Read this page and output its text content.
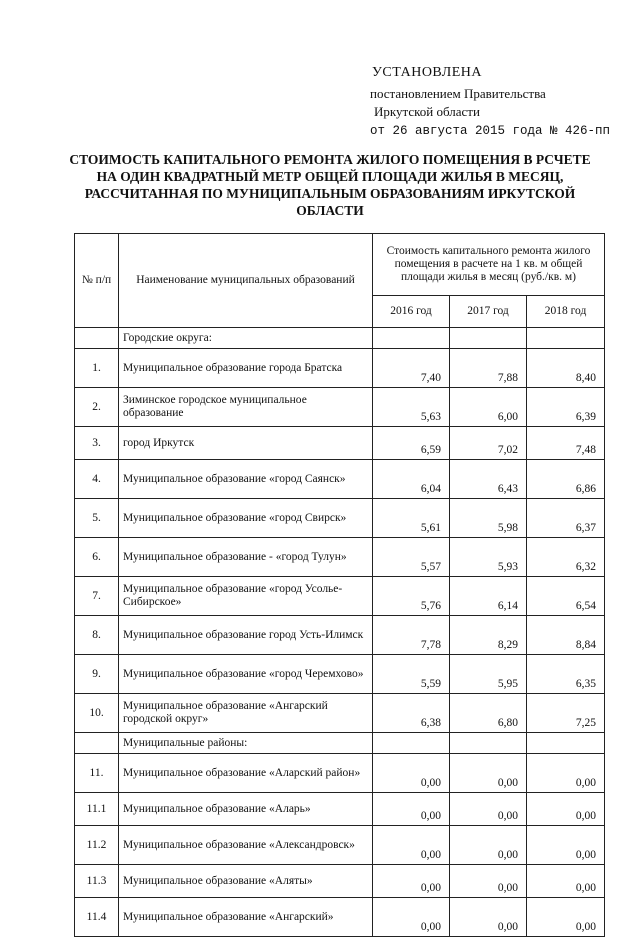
УСТАНОВЛЕНА
постановлением Правительства
Иркутской области
от 26 августа 2015 года № 426-пп
СТОИМОСТЬ КАПИТАЛЬНОГО РЕМОНТА ЖИЛОГО ПОМЕЩЕНИЯ В РСЧЕТЕ НА ОДИН КВАДРАТНЫЙ МЕТР ОБЩЕЙ ПЛОЩАДИ ЖИЛЬЯ В МЕСЯЦ, РАССЧИТАННАЯ ПО МУНИЦИПАЛЬНЫМ ОБРАЗОВАНИЯМ ИРКУТСКОЙ ОБЛАСТИ
№ п/п	Наименование муниципальных образований	Стоимость капитального ремонта жилого помещения в расчете на 1 кв. м общей площади жилья в месяц (руб./кв. м)		
		2016 год	2017 год	2018 год
	Городские округа:			
1.	Муниципальное образование города Братска	7,40	7,88	8,40
2.	Зиминское городское муниципальное образование	5,63	6,00	6,39
3.	город Иркутск	6,59	7,02	7,48
4.	Муниципальное образование «город Саянск»	6,04	6,43	6,86
5.	Муниципальное образование «город Свирск»	5,61	5,98	6,37
6.	Муниципальное образование - «город Тулун»	5,57	5,93	6,32
7.	Муниципальное образование «город Усолье-Сибирское»	5,76	6,14	6,54
8.	Муниципальное образование город Усть-Илимск	7,78	8,29	8,84
9.	Муниципальное образование «город Черемхово»	5,59	5,95	6,35
10.	Муниципальное образование «Ангарский городской округ»	6,38	6,80	7,25
	Муниципальные районы:			
11.	Муниципальное образование «Аларский район»	0,00	0,00	0,00
11.1	Муниципальное образование «Аларь»	0,00	0,00	0,00
11.2	Муниципальное образование «Александровск»	0,00	0,00	0,00
11.3	Муниципальное образование «Аляты»	0,00	0,00	0,00
11.4	Муниципальное образование «Ангарский»	0,00	0,00	0,00
